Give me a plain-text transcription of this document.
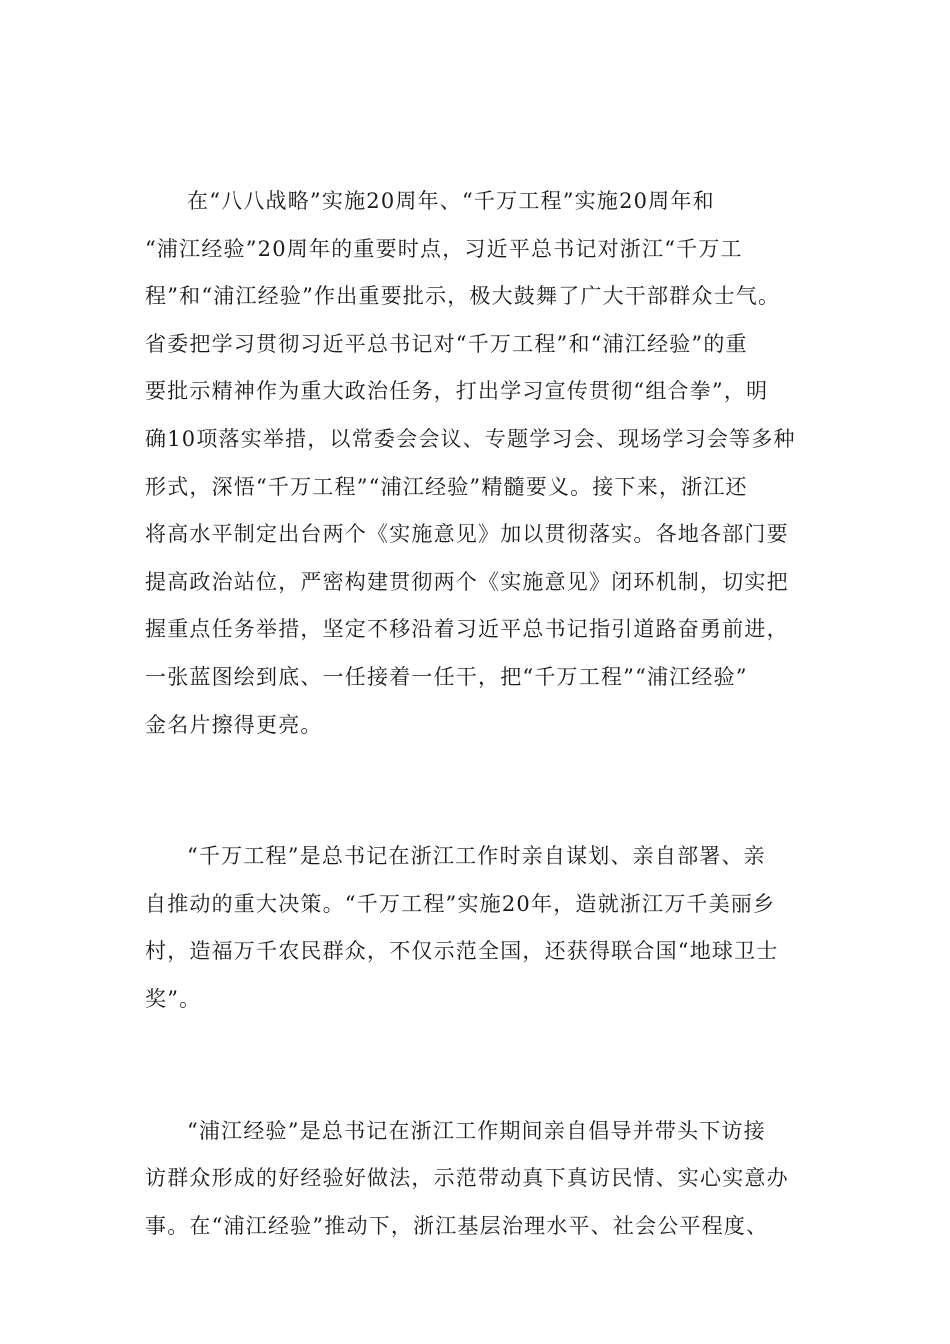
在“八八战略”实施20周年、“千万工程”实施20周年和
“浦江经验”20周年的重要时点，习近平总书记对浙江“千万工
程”和“浦江经验”作出重要批示，极大鼓舞了广大干部群众士气。
省委把学习贯彻习近平总书记对“千万工程”和“浦江经验”的重
要批示精神作为重大政治任务，打出学习宣传贯彻“组合拳”，明
确10项落实举措，以常委会会议、专题学习会、现场学习会等多种
形式，深悟“千万工程”“浦江经验”精髓要义。接下来，浙江还
将高水平制定出台两个《实施意见》加以贯彻落实。各地各部门要
提高政治站位，严密构建贯彻两个《实施意见》闭环机制，切实把
握重点任务举措，坚定不移沿着习近平总书记指引道路奋勇前进，
一张蓝图绘到底、一任接着一任干，把“千万工程”“浦江经验”
金名片擦得更亮。
“千万工程”是总书记在浙江工作时亲自谋划、亲自部署、亲
自推动的重大决策。“千万工程”实施20年，造就浙江万千美丽乡
村，造福万千农民群众，不仅示范全国，还获得联合国“地球卫士
奖”。
“浦江经验”是总书记在浙江工作期间亲自倡导并带头下访接
访群众形成的好经验好做法，示范带动真下真访民情、实心实意办
事。在“浦江经验”推动下，浙江基层治理水平、社会公平程度、
